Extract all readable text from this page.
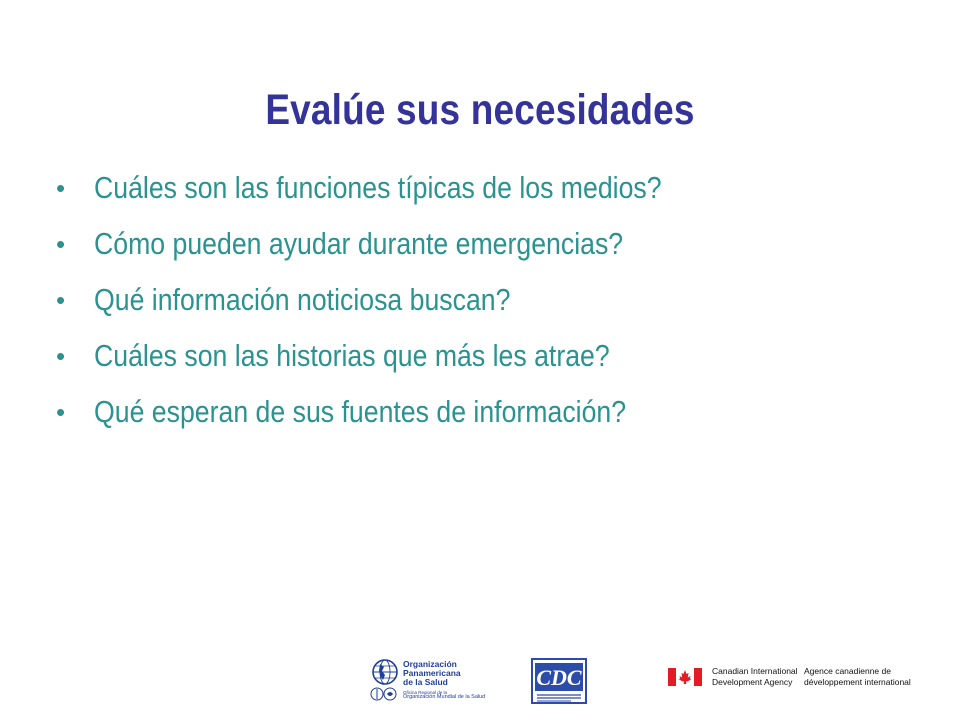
Evalúe sus necesidades
• Cuáles son las funciones típicas de los medios?
• Cómo pueden ayudar durante emergencias?
• Qué información noticiosa buscan?
• Cuáles son las historias que más les atrae?
• Qué esperan de sus fuentes de información?
Organización
Panamericana
de la Salud
Oficina Regional de la
Organización Mundial de la Salud
CDC	Canadian International
Development Agency
Agence canadienne de
développement international
